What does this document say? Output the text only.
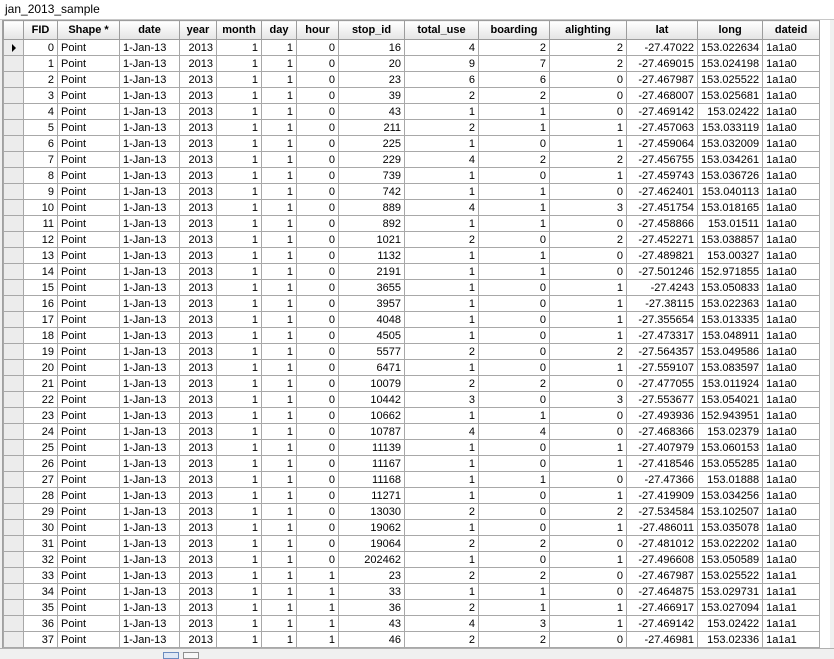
jan_2013_sample
	FID	Shape *	date	year	month	day	hour	stop_id	total_use	boarding	alighting	lat	long	dateid
	0	Point	1-Jan-13	2013	1	1	0	16	4	2	2	-27.47022	153.022634	1a1a0
	1	Point	1-Jan-13	2013	1	1	0	20	9	7	2	-27.469015	153.024198	1a1a0
	2	Point	1-Jan-13	2013	1	1	0	23	6	6	0	-27.467987	153.025522	1a1a0
	3	Point	1-Jan-13	2013	1	1	0	39	2	2	0	-27.468007	153.025681	1a1a0
	4	Point	1-Jan-13	2013	1	1	0	43	1	1	0	-27.469142	153.02422	1a1a0
	5	Point	1-Jan-13	2013	1	1	0	211	2	1	1	-27.457063	153.033119	1a1a0
	6	Point	1-Jan-13	2013	1	1	0	225	1	0	1	-27.459064	153.032009	1a1a0
	7	Point	1-Jan-13	2013	1	1	0	229	4	2	2	-27.456755	153.034261	1a1a0
	8	Point	1-Jan-13	2013	1	1	0	739	1	0	1	-27.459743	153.036726	1a1a0
	9	Point	1-Jan-13	2013	1	1	0	742	1	1	0	-27.462401	153.040113	1a1a0
	10	Point	1-Jan-13	2013	1	1	0	889	4	1	3	-27.451754	153.018165	1a1a0
	11	Point	1-Jan-13	2013	1	1	0	892	1	1	0	-27.458866	153.01511	1a1a0
	12	Point	1-Jan-13	2013	1	1	0	1021	2	0	2	-27.452271	153.038857	1a1a0
	13	Point	1-Jan-13	2013	1	1	0	1132	1	1	0	-27.489821	153.00327	1a1a0
	14	Point	1-Jan-13	2013	1	1	0	2191	1	1	0	-27.501246	152.971855	1a1a0
	15	Point	1-Jan-13	2013	1	1	0	3655	1	0	1	-27.4243	153.050833	1a1a0
	16	Point	1-Jan-13	2013	1	1	0	3957	1	0	1	-27.38115	153.022363	1a1a0
	17	Point	1-Jan-13	2013	1	1	0	4048	1	0	1	-27.355654	153.013335	1a1a0
	18	Point	1-Jan-13	2013	1	1	0	4505	1	0	1	-27.473317	153.048911	1a1a0
	19	Point	1-Jan-13	2013	1	1	0	5577	2	0	2	-27.564357	153.049586	1a1a0
	20	Point	1-Jan-13	2013	1	1	0	6471	1	0	1	-27.559107	153.083597	1a1a0
	21	Point	1-Jan-13	2013	1	1	0	10079	2	2	0	-27.477055	153.011924	1a1a0
	22	Point	1-Jan-13	2013	1	1	0	10442	3	0	3	-27.553677	153.054021	1a1a0
	23	Point	1-Jan-13	2013	1	1	0	10662	1	1	0	-27.493936	152.943951	1a1a0
	24	Point	1-Jan-13	2013	1	1	0	10787	4	4	0	-27.468366	153.02379	1a1a0
	25	Point	1-Jan-13	2013	1	1	0	11139	1	0	1	-27.407979	153.060153	1a1a0
	26	Point	1-Jan-13	2013	1	1	0	11167	1	0	1	-27.418546	153.055285	1a1a0
	27	Point	1-Jan-13	2013	1	1	0	11168	1	1	0	-27.47366	153.01888	1a1a0
	28	Point	1-Jan-13	2013	1	1	0	11271	1	0	1	-27.419909	153.034256	1a1a0
	29	Point	1-Jan-13	2013	1	1	0	13030	2	0	2	-27.534584	153.102507	1a1a0
	30	Point	1-Jan-13	2013	1	1	0	19062	1	0	1	-27.486011	153.035078	1a1a0
	31	Point	1-Jan-13	2013	1	1	0	19064	2	2	0	-27.481012	153.022202	1a1a0
	32	Point	1-Jan-13	2013	1	1	0	202462	1	0	1	-27.496608	153.050589	1a1a0
	33	Point	1-Jan-13	2013	1	1	1	23	2	2	0	-27.467987	153.025522	1a1a1
	34	Point	1-Jan-13	2013	1	1	1	33	1	1	0	-27.464875	153.029731	1a1a1
	35	Point	1-Jan-13	2013	1	1	1	36	2	1	1	-27.466917	153.027094	1a1a1
	36	Point	1-Jan-13	2013	1	1	1	43	4	3	1	-27.469142	153.02422	1a1a1
	37	Point	1-Jan-13	2013	1	1	1	46	2	2	0	-27.46981	153.02336	1a1a1
